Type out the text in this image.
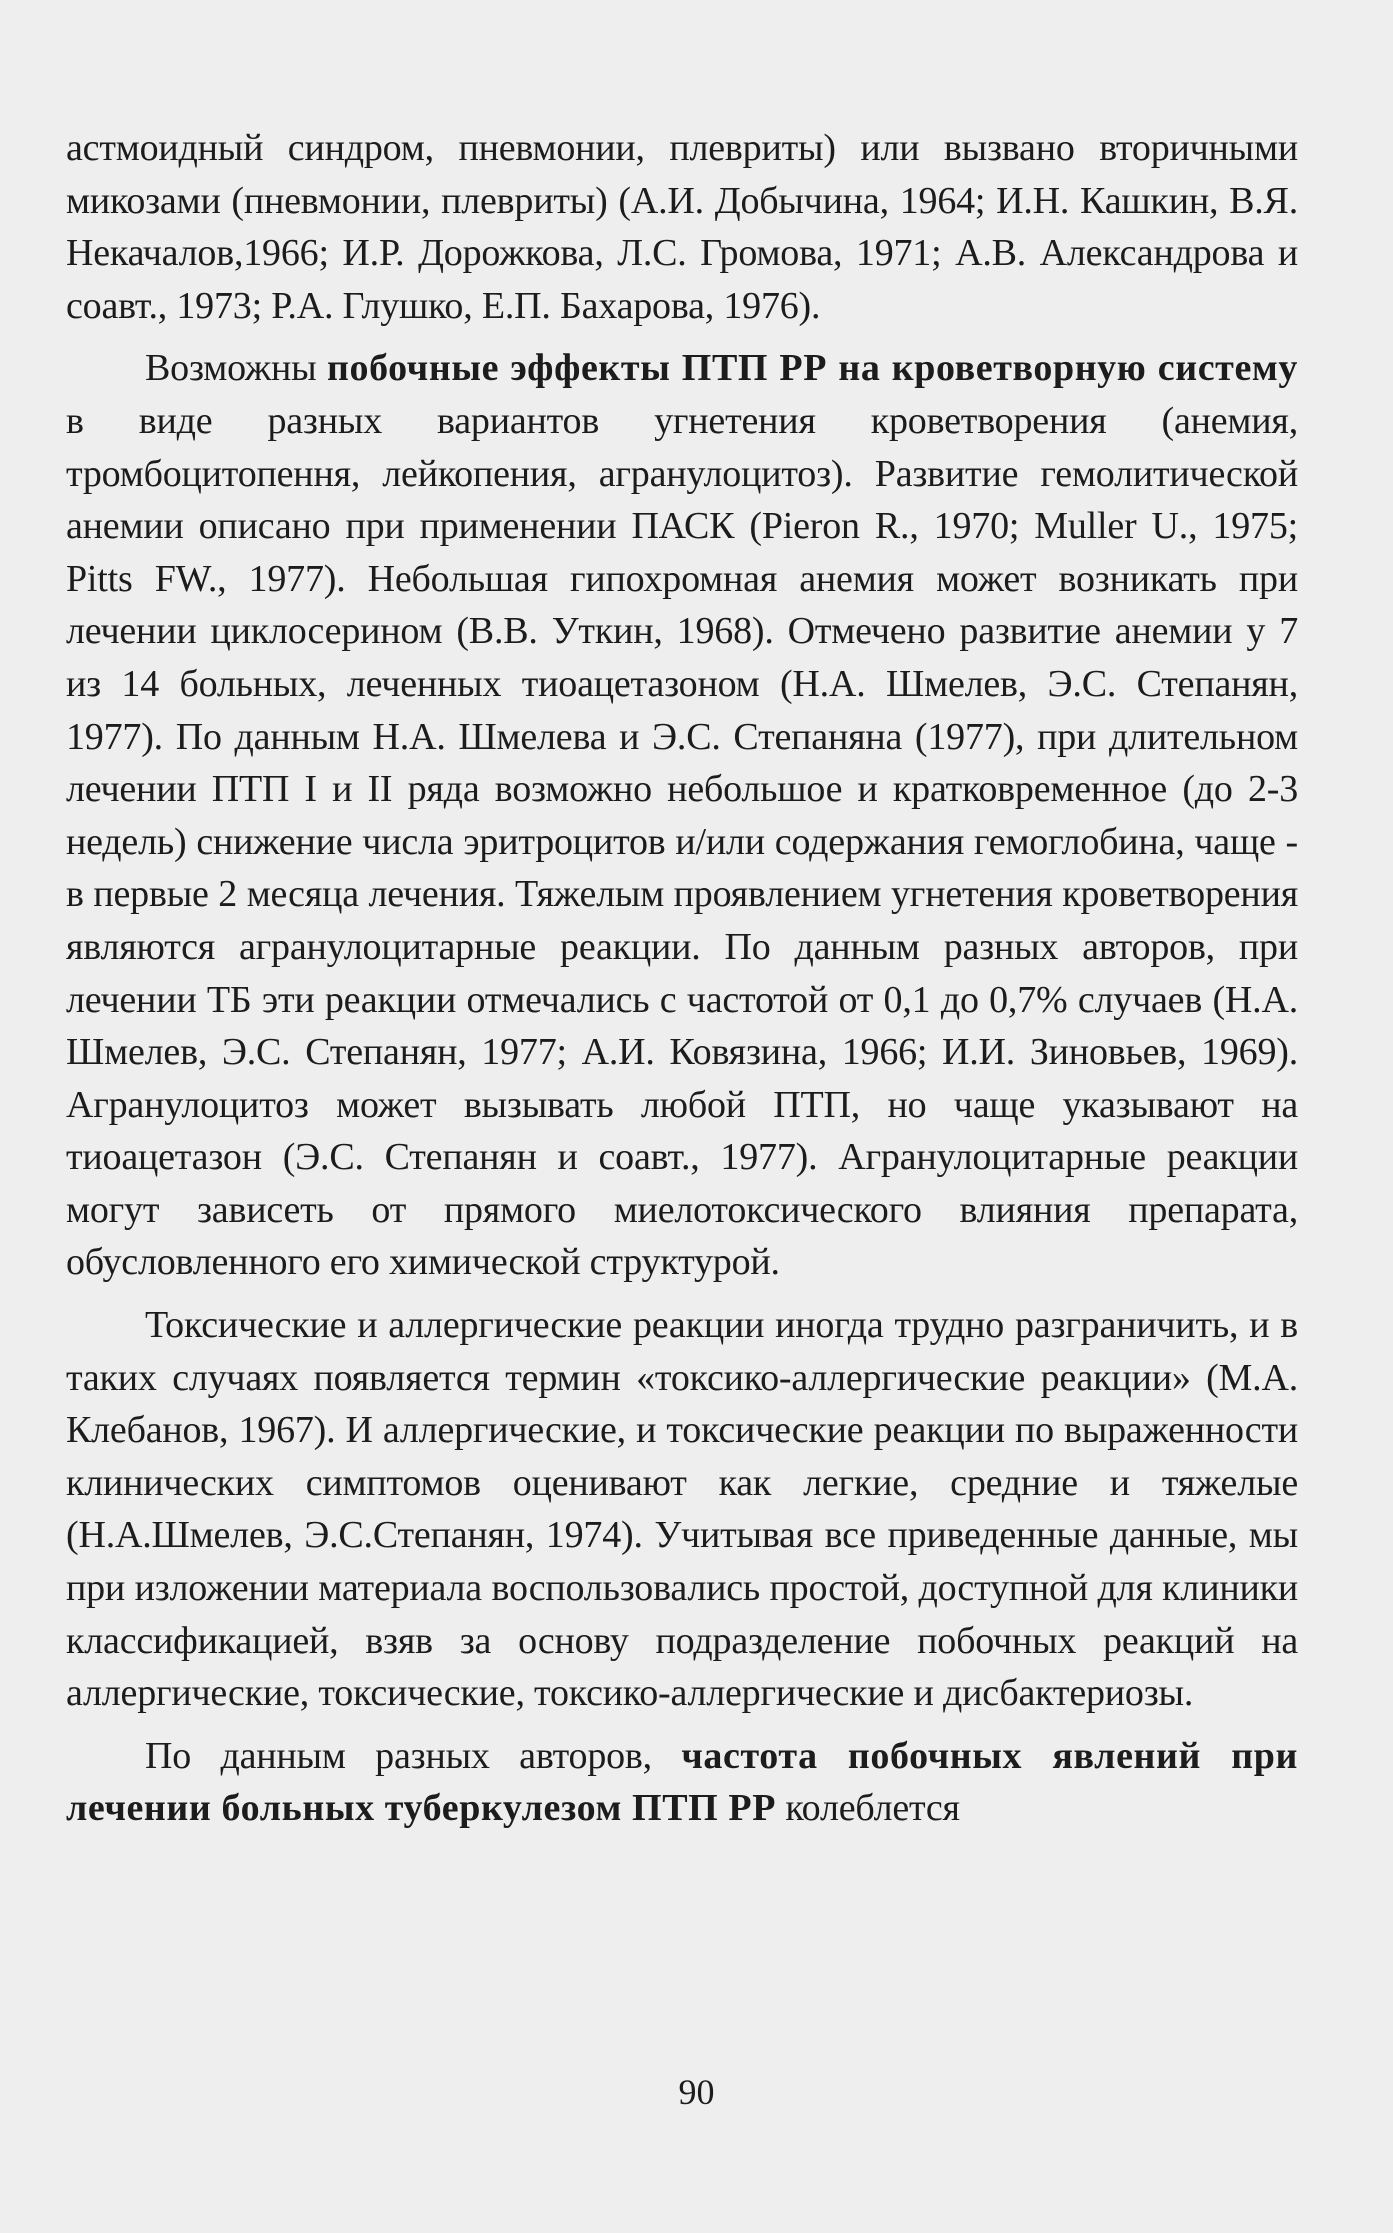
астмоидный синдром, пневмонии, плевриты) или вызвано вторичными микозами (пневмонии, плевриты) (А.И. Добычина, 1964; И.Н. Кашкин, В.Я. Некачалов,1966; И.Р. Дорожкова, Л.С. Громова, 1971; А.В. Александрова и соавт., 1973; Р.А. Глушко, Е.П. Бахарова, 1976).

Возможны побочные эффекты ПТП РР на кроветворную систему в виде разных вариантов угнетения кроветворения (анемия, тромбоцитопення, лейкопения, агранулоцитоз). Развитие гемолитической анемии описано при применении ПАСК (Pieron R., 1970; Muller U., 1975; Pitts FW., 1977). Небольшая гипохромная анемия может возникать при лечении циклосерином (В.В. Уткин, 1968). Отмечено развитие анемии у 7 из 14 больных, леченных тиоацетазоном (Н.А. Шмелев, Э.С. Степанян, 1977). По данным Н.А. Шмелева и Э.С. Степаняна (1977), при длительном лечении ПТП I и II ряда возможно небольшое и кратковременное (до 2-3 недель) снижение числа эритроцитов и/или содержания гемоглобина, чаще - в первые 2 месяца лечения. Тяжелым проявлением угнетения кроветворения являются агранулоцитарные реакции. По данным разных авторов, при лечении ТБ эти реакции отмечались с частотой от 0,1 до 0,7% случаев (Н.А. Шмелев, Э.С. Степанян, 1977; А.И. Ковязина, 1966; И.И. Зиновьев, 1969). Агранулоцитоз может вызывать любой ПТП, но чаще указывают на тиоацетазон (Э.С. Степанян и соавт., 1977). Агранулоцитарные реакции могут зависеть от прямого миелотоксического влияния препарата, обусловленного его химической структурой.

Токсические и аллергические реакции иногда трудно разграничить, и в таких случаях появляется термин «токсико-аллергические реакции» (М.А. Клебанов, 1967). И аллергические, и токсические реакции по выраженности клинических симптомов оценивают как легкие, средние и тяжелые (Н.А.Шмелев, Э.С.Степанян, 1974). Учитывая все приведенные данные, мы при изложении материала воспользовались простой, доступной для клиники классификацией, взяв за основу подразделение побочных реакций на аллергические, токсические, токсико-аллергические и дисбактериозы.

По данным разных авторов, частота побочных явлений при лечении больных туберкулезом ПТП РР колеблется

90
